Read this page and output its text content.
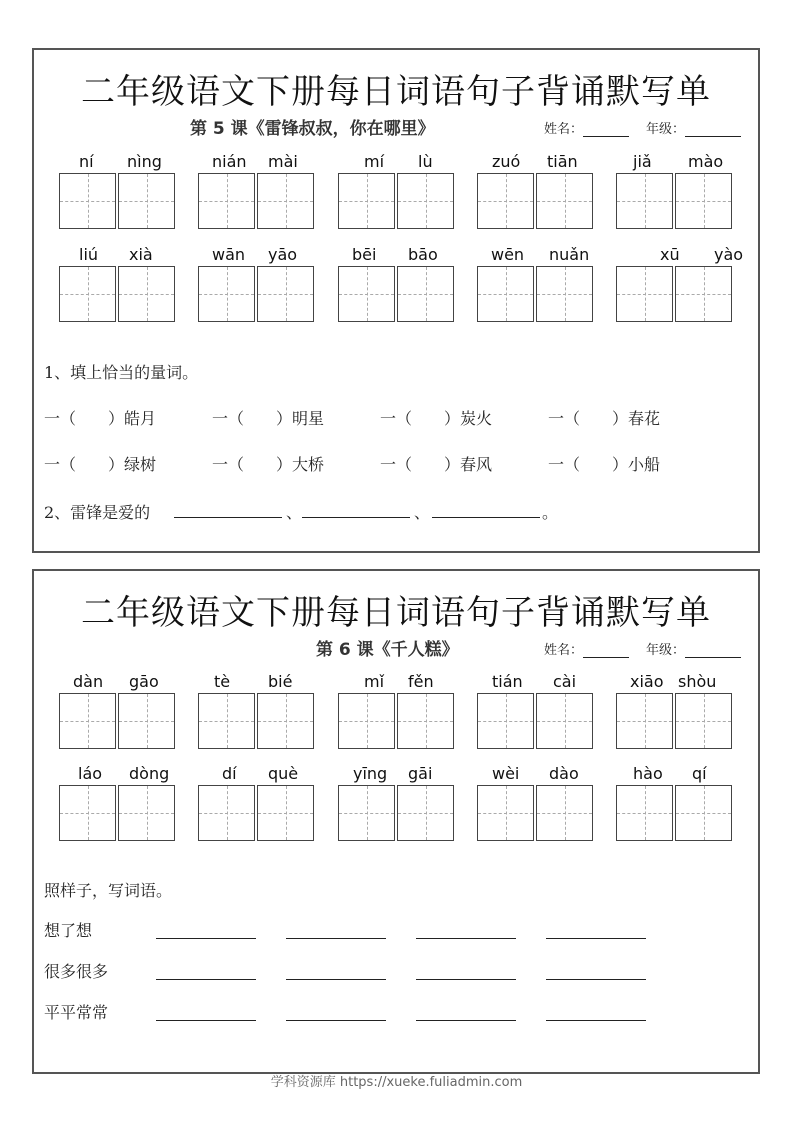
二年级语文下册每日词语句子背诵默写单
第 5 课《雷锋叔叔，你在哪里》	姓名：	年级：
ní nìng	nián mài	mí lù	zuó tiān	jiǎ mào
liú xià	wān yāo	bēi bāo	wēn nuǎn	xū yào
1、填上恰当的量词。
一（　　）皓月	一（　　）明星	一（　　）炭火	一（　　）春花
一（　　）绿树	一（　　）大桥	一（　　）春风	一（　　）小船
2、雷锋是爱的	、	、	。
二年级语文下册每日词语句子背诵默写单
第 6 课《千人糕》	姓名：	年级：
dàn gāo	tè bié	mǐ fěn	tián cài	xiāo shòu
láo dòng	dí què	yīng gāi	wèi dào	hào qí
照样子，写词语。
想了想
很多很多
平平常常
学科资源库 https://xueke.fuliadmin.com
